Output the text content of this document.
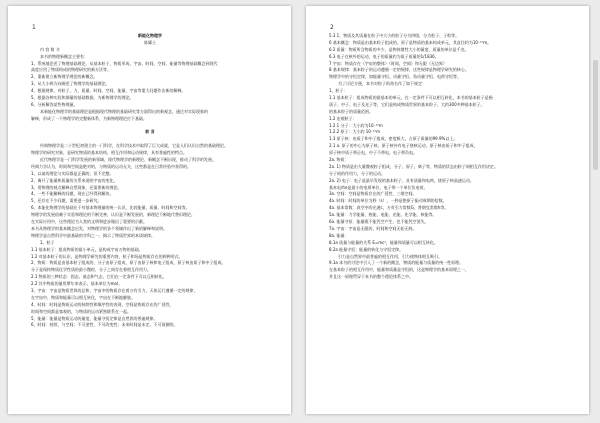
1
新能化物理学
陈耀士
内 容 简 介
本书的物理新概念主要有：
1、系统地论述了物理基础理论，从基本粒子，物质形成、宇宙、时间、空间、能量等物理基础概念到现代
高度应用了物质构成的物理研究的新方法等。
2、重新建立新物理学理论的新概念。
3、从大小两方向阐述了物理学的基础理论。
4、根据规律，对粒子、力、质量、时间、空间、能量、宇宙等重大问题作出新的解释。
5、根据各种实验和测量的基础数据，为新物理学的理论。
6、分析解答某些物理量。
本新能化物理学的基础理论是根据现代物理的基础研究等方面得出的新观念，通过对实际现象的
解释，形成了一个物理学的完整新体系，为新物理理论打下基础。
前 言
经典物理学是二十世纪初建立的一门科学，在科学技术中取得了巨大成就，它是人们认识自然的基础理论。
物理学的研究对象，是研究物质的基本结构、相互作用和运动规律，具有普遍性的特点。
近代物理学是一门科学发展的新领域，现代物理学的新理论、新概念不断出现，推动了科学的发展。
经典力学认为，时间和空间是绝对的，与物质的运动无关，这些都是在日常经验中获得的。
1、以前的理论与实际都是正确的，但不完整。
2、离开了能量和质量的关系来说明宇宙的变化。
3、用物理的观点解释自然现象，还需要新的理论。
4、一些不能解释的问题，现在已经得到解决。
5、还存在不少问题，需要进一步研究。
6、本能化物理学的基础在于对基本物理量的统一认识，比较能量、质量、时间和空间等。
物理学的发展依赖于实验和理论的不断完善，认识是不断发展的，新理论不断地代替旧理论。
在实际应用中，这些理论为人类的文明和进步做出了重要的贡献。
本书从物理学的基本概念出发，对物理学的各个领域作出了新的解释和说明。
物理学是自然科学中最基础的学科之一，揭示了物质世界的本质规律。
1、粒子
1.1 基本粒子：组成物质的最小单元，是构成宇宙万物的基础。
1.2 对基本粒子的认识，是物理学研究的重要内容，粒子和场是物质存在的两种形式。
2、物质：物质是由基本粒子组成的，分子由原子组成，原子由原子核和电子组成，原子核由质子和中子组成。
分子是保持物质化学性质的最小微粒，分子之间存在着相互作用力。
2.1 物质的三种状态：固态、液态和气态，它们在一定条件下可以互相转化。
2.2 其中物质的量用摩尔来表示，基本单位为mol。
3、宇宙：宇宙是物质世界的总和，宇宙中的物质存在着万有引力，天体运行遵循一定的规律，
在宇宙中，物质和能量可以相互转化，宇宙在不断地膨胀。
4、时间：时间是物质运动的持续性和顺序性的表现，空间是物质存在的广延性。
时间和空间都是客观的，与物质的运动紧密联系在一起。
5、能量：能量是物质运动的量度，能量守恒定律是自然界的普遍规律。
6、时间：持续，与空间；不可逆性，不可改变性；未来时间是未定，不可预测的。
2
5.3 1、物质及其质量在粒子中大小的粒子分为四级，分为粒子、子粒等。
6 基本概念：物质是由基本粒子组成的，原子是物质的基本构成单元，其直径约为10⁻¹⁰m。
6.2 质量：物质所含物质的多少，是物体惯性大小的量度，质量的单位是千克。
6.3 电子在核外的运动，电子的质量约为质子质量的1/1836。
7 宇宙：物质存在（宇宙的整体）（时间、空间）和无限（无边界）
8 基本规律：基本粒子的运动遵循一定的规律，这些规律是物理学研究的核心。
物理学中的守恒定律，如能量守恒、动量守恒、角动量守恒、电荷守恒等。
为了讨论方便，本书对粒子的命名作了如下规定：
1、粒子：
1.1 基本粒子：组成物质的最基本的单元，在一定条件下可以相互转化，本书的基本粒子是指
质子、中子、电子及光子等，它们是构成物质世界的基本粒子，大约300多种基本粒子。
的基本粒子的质量范围。
1.2 宏观粒子：
1.2.1 分子：大小约为10⁻¹⁰m
1.2.2 原子：大小约 10⁻¹⁰m
1.3 原子核：由质子和中子组成，密度极大，占原子质量的99.9%以上。
2.1 a. 原子的中心为原子核，原子核外有电子绕核运动，原子核由质子和中子组成，
原子核中质子带正电，中子不带电，电子带负电。
2a. 物质：
2a. 1) 物质是由大量微观粒子组成，分子、原子、离子等，物质的状态由粒子间相互作用决定。
分子间的作用力，分子的运动。
2a. 2) 电子：电子是最早发现的基本粒子，具有质量和电荷，绕原子核高速运动。
基本电荷e是最小的电荷单位，电子带一个单位负电荷。
3a. 空间：空间是物质存在的广延性，三维空间。
4a. 时间：时间的单位为秒（s），一秒是铯原子振动周期的倍数。
4a. 基本常数：真空中的光速c，万有引力常数G，普朗克常数h等。
5a. 能量：力学能量、热能、电能、光能、化学能、核能等。
6a. 能量守恒：能量既不能凭空产生，也不能凭空消失。
7a. 宇宙：宇宙是无限的，时间和空间无始无终。
8a. 能量：
8.1a 质量与能量的关系 E=mc²，能量和质量可以相互转化。
8.2a 能量守恒：能量的转化与守恒定律。
引力是自然界中最普遍的相互作用，引力使物体相互吸引。
9.1a 本书的讨论中引入了一个新的概念，物质的能量与质量的统一性原理。
在基本粒子的相互作用中，能量和质量是守恒的，这是物理学的基本原理之一，
并且这一原理贯穿于本书的整个理论体系之中。
